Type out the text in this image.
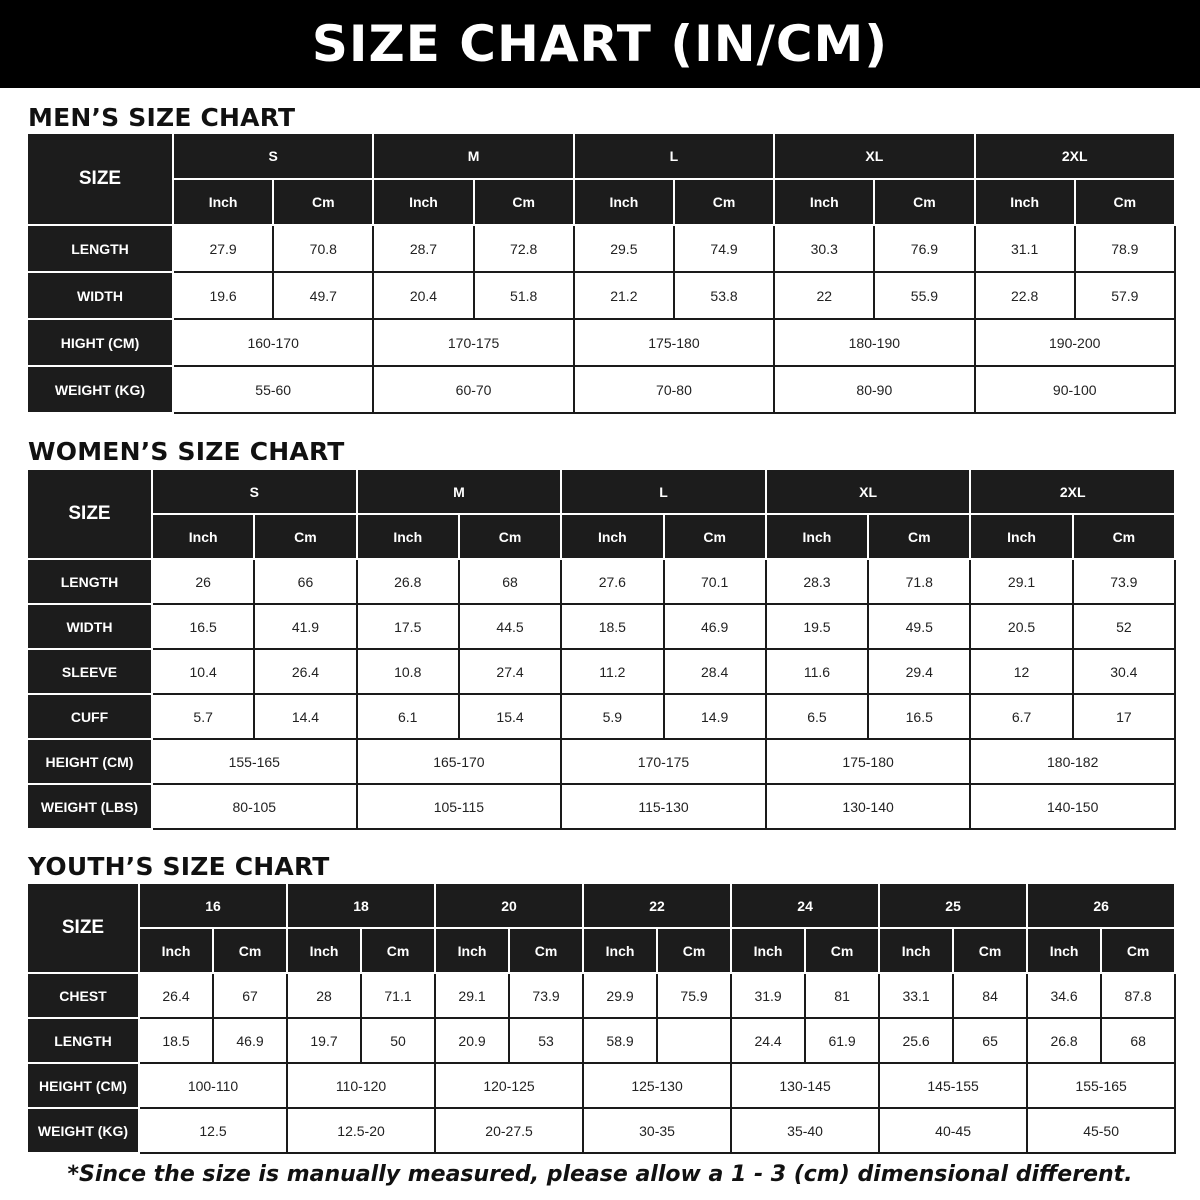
SIZE CHART (IN/CM)
MEN’S SIZE CHART
SIZE	S		M		L		XL		2XL	
	Inch	Cm	Inch	Cm	Inch	Cm	Inch	Cm	Inch	Cm
LENGTH	27.9	70.8	28.7	72.8	29.5	74.9	30.3	76.9	31.1	78.9
WIDTH	19.6	49.7	20.4	51.8	21.2	53.8	22	55.9	22.8	57.9
HIGHT (CM)	160-170		170-175		175-180		180-190		190-200	
WEIGHT (KG)	55-60		60-70		70-80		80-90		90-100	
WOMEN’S SIZE CHART
SIZE	S		M		L		XL		2XL	
	Inch	Cm	Inch	Cm	Inch	Cm	Inch	Cm	Inch	Cm
LENGTH	26	66	26.8	68	27.6	70.1	28.3	71.8	29.1	73.9
WIDTH	16.5	41.9	17.5	44.5	18.5	46.9	19.5	49.5	20.5	52
SLEEVE	10.4	26.4	10.8	27.4	11.2	28.4	11.6	29.4	12	30.4
CUFF	5.7	14.4	6.1	15.4	5.9	14.9	6.5	16.5	6.7	17
HEIGHT (CM)	155-165		165-170		170-175		175-180		180-182	
WEIGHT (LBS)	80-105		105-115		115-130		130-140		140-150	
YOUTH’S SIZE CHART
SIZE	16		18		20		22		24		25		26	
	Inch	Cm	Inch	Cm	Inch	Cm	Inch	Cm	Inch	Cm	Inch	Cm	Inch	Cm
CHEST	26.4	67	28	71.1	29.1	73.9	29.9	75.9	31.9	81	33.1	84	34.6	87.8
LENGTH	18.5	46.9	19.7	50	20.9	53	58.9		24.4	61.9	25.6	65	26.8	68
HEIGHT (CM)	100-110		110-120		120-125		125-130		130-145		145-155		155-165	
WEIGHT (KG)	12.5		12.5-20		20-27.5		30-35		35-40		40-45		45-50	
*Since the size is manually measured, please allow a 1 - 3 (cm) dimensional different.
